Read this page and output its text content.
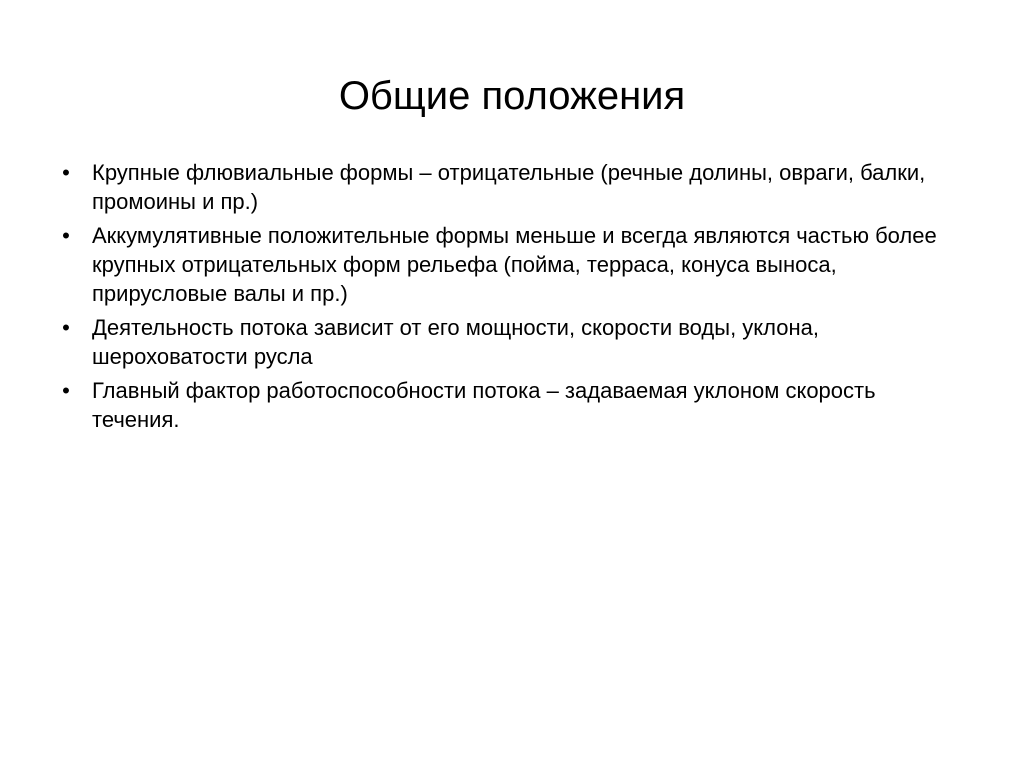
Общие положения
• Крупные флювиальные формы – отрицательные (речные долины, овраги, балки, промоины и пр.)
• Аккумулятивные положительные формы меньше и всегда являются частью более крупных отрицательных форм рельефа (пойма, терраса, конуса выноса, прирусловые валы и пр.)
• Деятельность потока зависит от его мощности, скорости воды, уклона, шероховатости русла
• Главный фактор работоспособности потока – задаваемая уклоном скорость течения.
